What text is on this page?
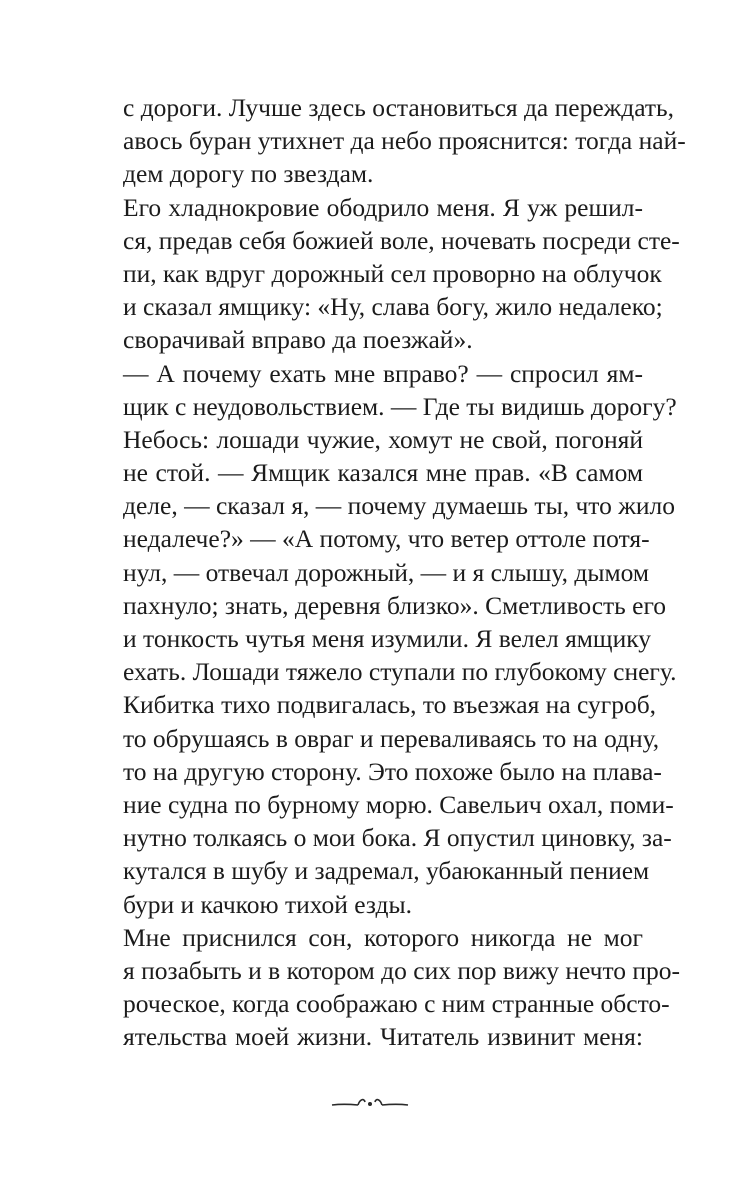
с дороги. Лучше здесь остановиться да переждать,
авось буран утихнет да небо прояснится: тогда най-
дем дорогу по звездам.
Его хладнокровие ободрило меня. Я уж решил-
ся, предав себя божией воле, ночевать посреди сте-
пи, как вдруг дорожный сел проворно на облучок
и сказал ямщику: «Ну, слава богу, жило недалеко;
сворачивай вправо да поезжай».
— А почему ехать мне вправо? — спросил ям-
щик с неудовольствием. — Где ты видишь дорогу?
Небось: лошади чужие, хомут не свой, погоняй
не стой. — Ямщик казался мне прав. «В самом
деле, — сказал я, — почему думаешь ты, что жило
недалече?» — «А потому, что ветер оттоле потя-
нул, — отвечал дорожный, — и я слышу, дымом
пахнуло; знать, деревня близко». Сметливость его
и тонкость чутья меня изумили. Я велел ямщику
ехать. Лошади тяжело ступали по глубокому снегу.
Кибитка тихо подвигалась, то въезжая на сугроб,
то обрушаясь в овраг и переваливаясь то на одну,
то на другую сторону. Это похоже было на плава-
ние судна по бурному морю. Савельич охал, поми-
нутно толкаясь о мои бока. Я опустил циновку, за-
кутался в шубу и задремал, убаюканный пением
бури и качкою тихой езды.
Мне приснился сон, которого никогда не мог
я позабыть и в котором до сих пор вижу нечто про-
роческое, когда соображаю с ним странные обсто-
ятельства моей жизни. Читатель извинит меня:
